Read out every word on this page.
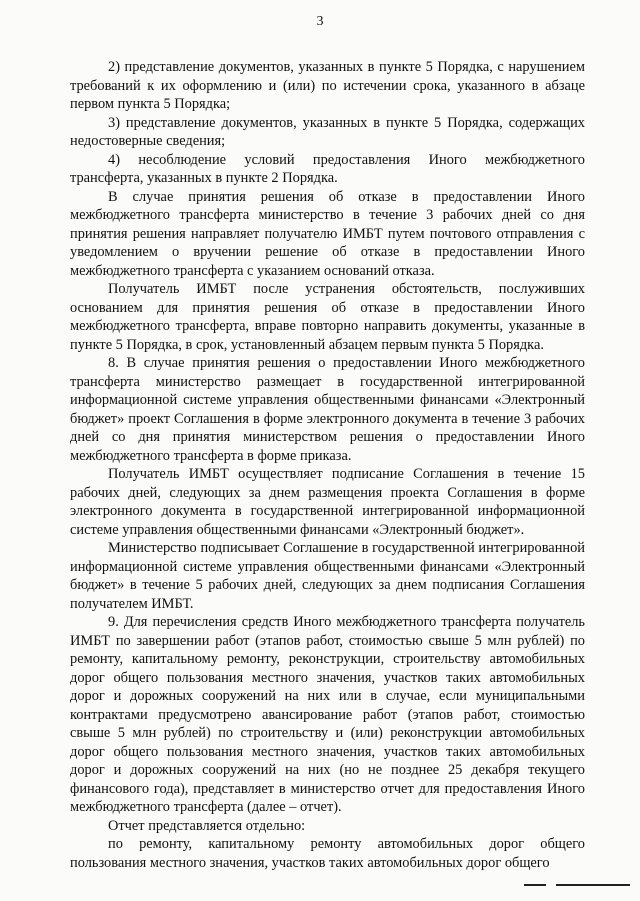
3

2) представление документов, указанных в пункте 5 Порядка, с нарушением требований к их оформлению и (или) по истечении срока, указанного в абзаце первом пункта 5 Порядка;

3) представление документов, указанных в пункте 5 Порядка, содержащих недостоверные сведения;

4) несоблюдение условий предоставления Иного межбюджетного трансферта, указанных в пункте 2 Порядка.

В случае принятия решения об отказе в предоставлении Иного межбюджетного трансферта министерство в течение 3 рабочих дней со дня принятия решения направляет получателю ИМБТ путем почтового отправления с уведомлением о вручении решение об отказе в предоставлении Иного межбюджетного трансферта с указанием оснований отказа.

Получатель ИМБТ после устранения обстоятельств, послуживших основанием для принятия решения об отказе в предоставлении Иного межбюджетного трансферта, вправе повторно направить документы, указанные в пункте 5 Порядка, в срок, установленный абзацем первым пункта 5 Порядка.

8. В случае принятия решения о предоставлении Иного межбюджетного трансферта министерство размещает в государственной интегрированной информационной системе управления общественными финансами «Электронный бюджет» проект Соглашения в форме электронного документа в течение 3 рабочих дней со дня принятия министерством решения о предоставлении Иного межбюджетного трансферта в форме приказа.

Получатель ИМБТ осуществляет подписание Соглашения в течение 15 рабочих дней, следующих за днем размещения проекта Соглашения в форме электронного документа в государственной интегрированной информационной системе управления общественными финансами «Электронный бюджет».

Министерство подписывает Соглашение в государственной интегрированной информационной системе управления общественными финансами «Электронный бюджет» в течение 5 рабочих дней, следующих за днем подписания Соглашения получателем ИМБТ.

9. Для перечисления средств Иного межбюджетного трансферта получатель ИМБТ по завершении работ (этапов работ, стоимостью свыше 5 млн рублей) по ремонту, капитальному ремонту, реконструкции, строительству автомобильных дорог общего пользования местного значения, участков таких автомобильных дорог и дорожных сооружений на них или в случае, если муниципальными контрактами предусмотрено авансирование работ (этапов работ, стоимостью свыше 5 млн рублей) по строительству и (или) реконструкции автомобильных дорог общего пользования местного значения, участков таких автомобильных дорог и дорожных сооружений на них (но не позднее 25 декабря текущего финансового года), представляет в министерство отчет для предоставления Иного межбюджетного трансферта (далее – отчет).

Отчет представляется отдельно:

по ремонту, капитальному ремонту автомобильных дорог общего пользования местного значения, участков таких автомобильных дорог общего
